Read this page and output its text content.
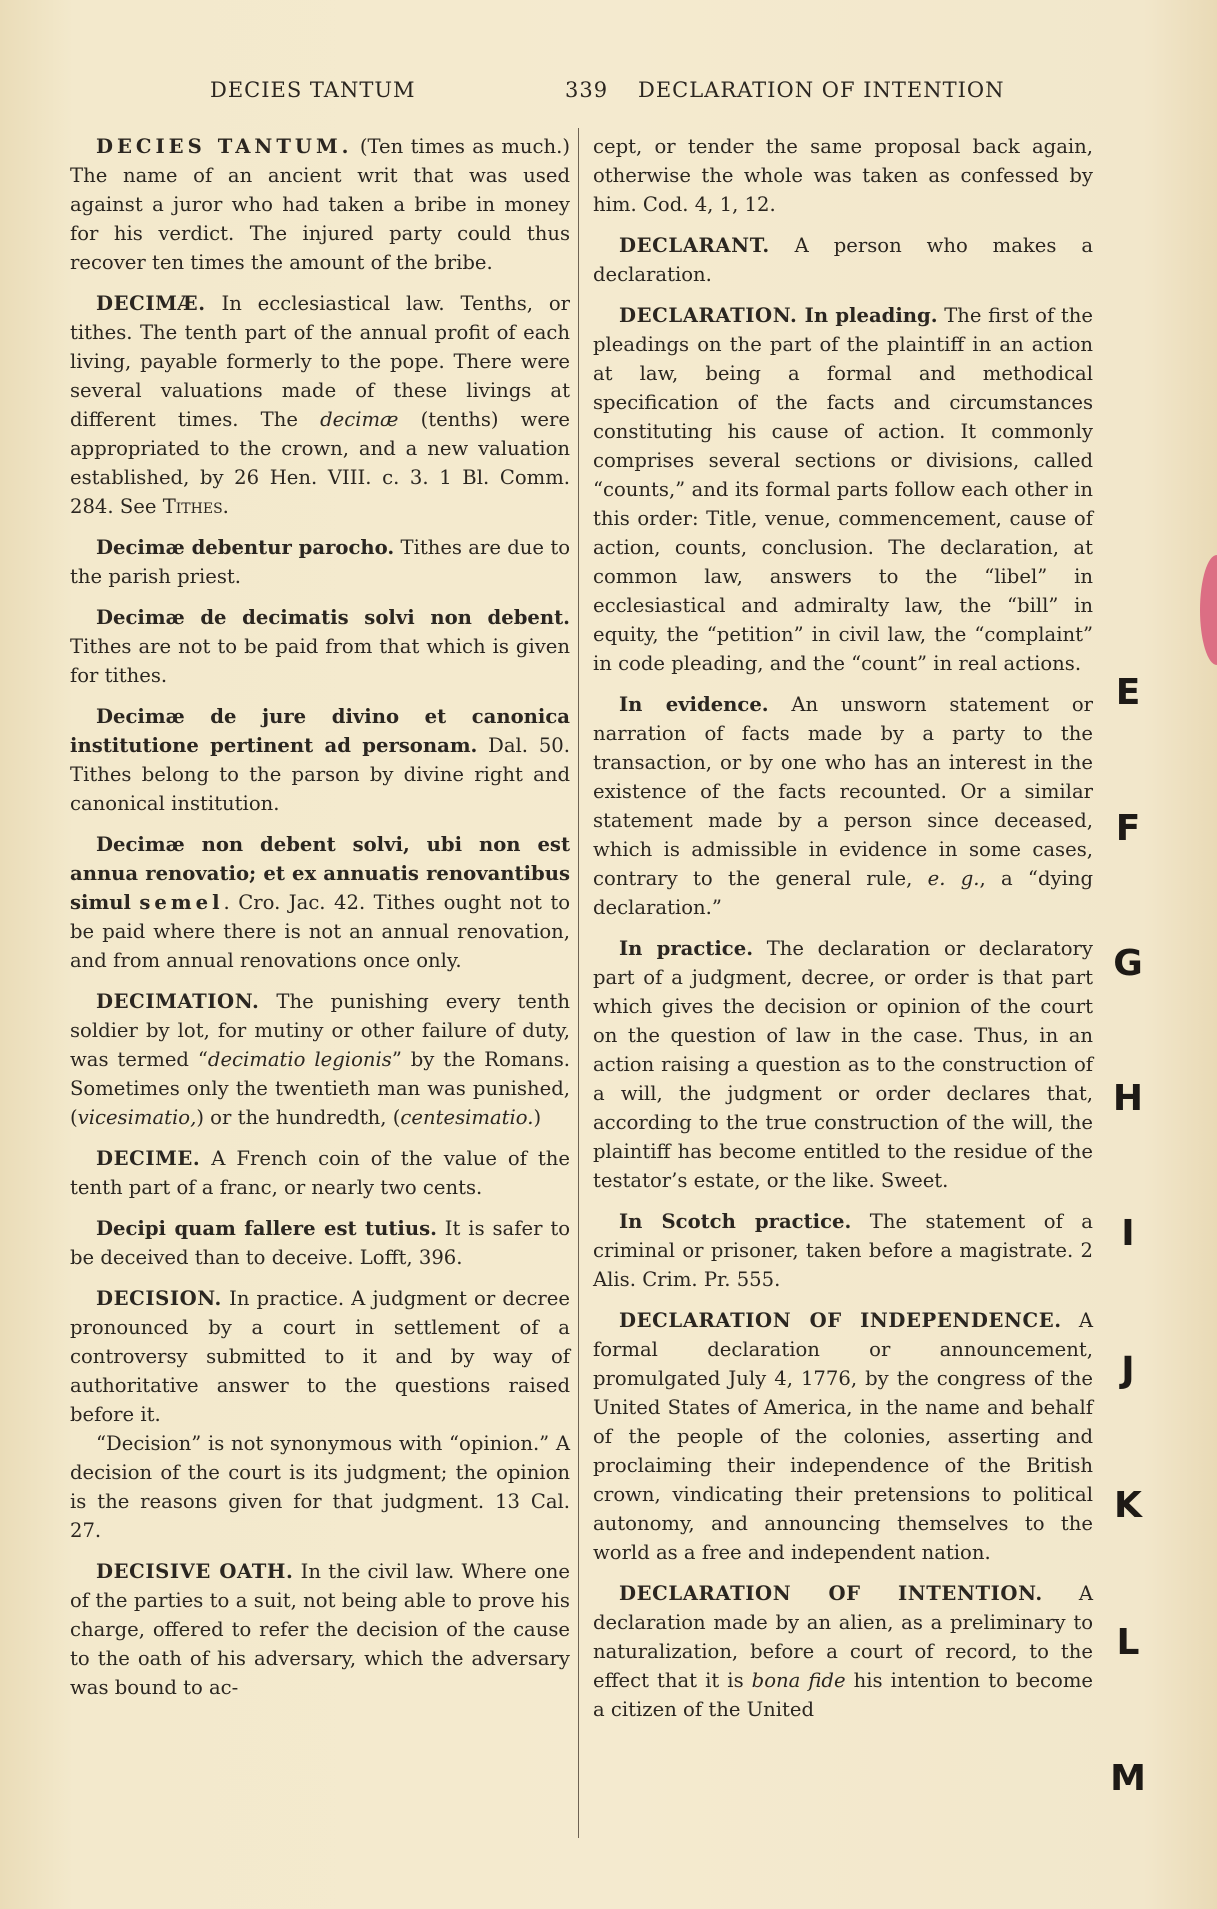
DECIES TANTUM	339 DECLARATION OF INTENTION

DECIES TANTUM. (Ten times as much.) The name of an ancient writ that was used against a juror who had taken a bribe in money for his verdict. The injured party could thus recover ten times the amount of the bribe.

DECIMÆ. In ecclesiastical law. Tenths, or tithes. The tenth part of the annual profit of each living, payable formerly to the pope. There were several valuations made of these livings at different times. The decimæ (tenths) were appropriated to the crown, and a new valuation established, by 26 Hen. VIII. c. 3. 1 Bl. Comm. 284. See Tithes.

Decimæ debentur parocho. Tithes are due to the parish priest.

Decimæ de decimatis solvi non debent. Tithes are not to be paid from that which is given for tithes.

Decimæ de jure divino et canonica institutione pertinent ad personam. Dal. 50. Tithes belong to the parson by divine right and canonical institution.

Decimæ non debent solvi, ubi non est annua renovatio; et ex annuatis renovantibus simul semel. Cro. Jac. 42. Tithes ought not to be paid where there is not an annual renovation, and from annual renovations once only.

DECIMATION. The punishing every tenth soldier by lot, for mutiny or other failure of duty, was termed “decimatio legionis” by the Romans. Sometimes only the twentieth man was punished, (vicesimatio,) or the hundredth, (centesimatio.)

DECIME. A French coin of the value of the tenth part of a franc, or nearly two cents.

Decipi quam fallere est tutius. It is safer to be deceived than to deceive. Lofft, 396.

DECISION. In practice. A judgment or decree pronounced by a court in settlement of a controversy submitted to it and by way of authoritative answer to the questions raised before it.

“Decision” is not synonymous with “opinion.” A decision of the court is its judgment; the opinion is the reasons given for that judgment. 13 Cal. 27.

DECISIVE OATH. In the civil law. Where one of the parties to a suit, not being able to prove his charge, offered to refer the decision of the cause to the oath of his adversary, which the adversary was bound to ac-

cept, or tender the same proposal back again, otherwise the whole was taken as confessed by him. Cod. 4, 1, 12.

DECLARANT. A person who makes a declaration.

DECLARATION. In pleading. The first of the pleadings on the part of the plaintiff in an action at law, being a formal and methodical specification of the facts and circumstances constituting his cause of action. It commonly comprises several sections or divisions, called “counts,” and its formal parts follow each other in this order: Title, venue, commencement, cause of action, counts, conclusion. The declaration, at common law, answers to the “libel” in ecclesiastical and admiralty law, the “bill” in equity, the “petition” in civil law, the “complaint” in code pleading, and the “count” in real actions.

In evidence. An unsworn statement or narration of facts made by a party to the transaction, or by one who has an interest in the existence of the facts recounted. Or a similar statement made by a person since deceased, which is admissible in evidence in some cases, contrary to the general rule, e. g., a “dying declaration.”

In practice. The declaration or declaratory part of a judgment, decree, or order is that part which gives the decision or opinion of the court on the question of law in the case. Thus, in an action raising a question as to the construction of a will, the judgment or order declares that, according to the true construction of the will, the plaintiff has become entitled to the residue of the testator’s estate, or the like. Sweet.

In Scotch practice. The statement of a criminal or prisoner, taken before a magistrate. 2 Alis. Crim. Pr. 555.

DECLARATION OF INDEPENDENCE. A formal declaration or announcement, promulgated July 4, 1776, by the congress of the United States of America, in the name and behalf of the people of the colonies, asserting and proclaiming their independence of the British crown, vindicating their pretensions to political autonomy, and announcing themselves to the world as a free and independent nation.

DECLARATION OF INTENTION. A declaration made by an alien, as a preliminary to naturalization, before a court of record, to the effect that it is bona fide his intention to become a citizen of the United

E
F
G
H
I
J
K
L
M
